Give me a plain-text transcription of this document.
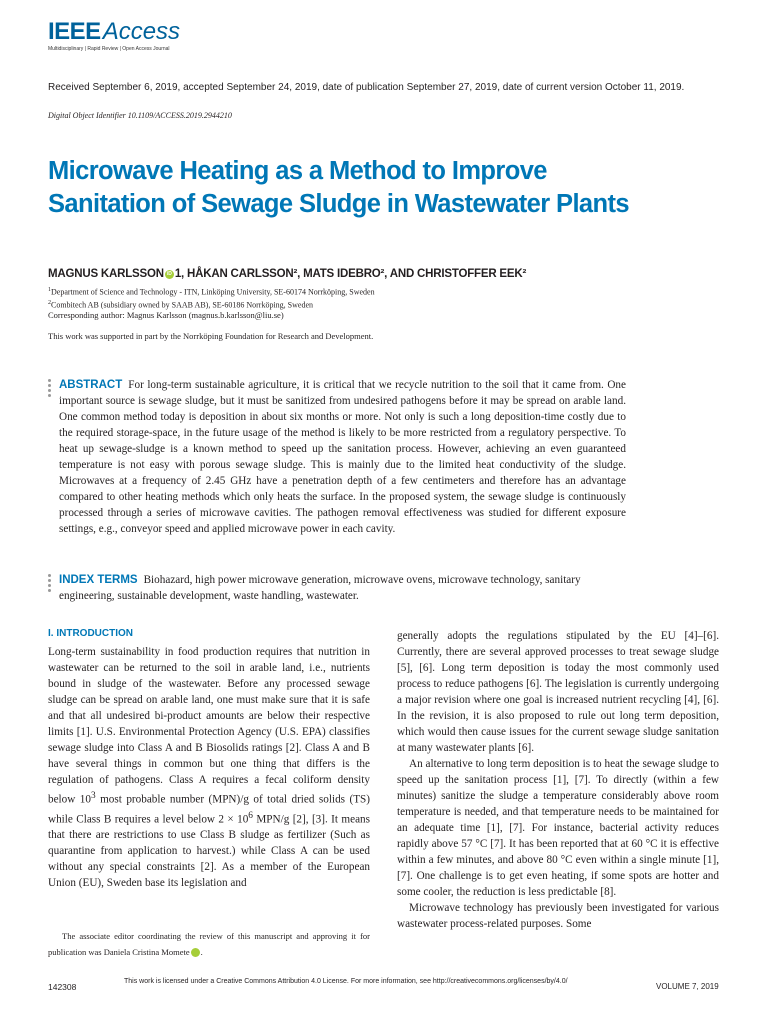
IEEEAccess
Multidisciplinary | Rapid Review | Open Access Journal
Received September 6, 2019, accepted September 24, 2019, date of publication September 27, 2019, date of current version October 11, 2019.
Digital Object Identifier 10.1109/ACCESS.2019.2944210
Microwave Heating as a Method to Improve Sanitation of Sewage Sludge in Wastewater Plants
MAGNUS KARLSSON iD 1, HÅKAN CARLSSON², MATS IDEBRO², AND CHRISTOFFER EEK²
$^1$Department of Science and Technology - ITN, Linköping University, SE-60174 Norrköping, Sweden
$^2$Combitech AB (subsidiary owned by SAAB AB), SE-60186 Norrköping, Sweden
Corresponding author: Magnus Karlsson (magnus.b.karlsson@liu.se)
This work was supported in part by the Norrköping Foundation for Research and Development.
ABSTRACT For long-term sustainable agriculture, it is critical that we recycle nutrition to the soil that it came from. One important source is sewage sludge, but it must be sanitized from undesired pathogens before it may be spread on arable land. One common method today is deposition in about six months or more. Not only is such a long deposition-time costly due to the required storage-space, in the future usage of the method is likely to be more restricted from a regulatory perspective. To heat up sewage-sludge is a known method to speed up the sanitation process. However, achieving an even guaranteed temperature is not easy with porous sewage sludge. This is mainly due to the limited heat conductivity of the sludge. Microwaves at a frequency of 2.45 GHz have a penetration depth of a few centimeters and therefore has an advantage compared to other heating methods which only heats the surface. In the proposed system, the sewage sludge is continuously processed through a series of microwave cavities. The pathogen removal effectiveness was studied for different exposure settings, e.g., conveyor speed and applied microwave power in each cavity.
INDEX TERMS Biohazard, high power microwave generation, microwave ovens, microwave technology, sanitary engineering, sustainable development, waste handling, wastewater.
I. INTRODUCTION

Long-term sustainability in food production requires that nutrition in wastewater can be returned to the soil in arable land, i.e., nutrients bound in sludge of the wastewater. Before any processed sewage sludge can be spread on arable land, one must make sure that it is safe and that all undesired bi-product amounts are below their respective limits [1]. U.S. Environmental Protection Agency (U.S. EPA) classifies sewage sludge into Class A and B Biosolids ratings [2]. Class A and B have several things in common but one thing that differs is the regulation of pathogens. Class A requires a fecal coliform density below $10^3$ most probable number (MPN)/g of total dried solids (TS) while Class B requires a level below $2 \times 10^6$ MPN/g [2], [3]. It means that there are restrictions to use Class B sludge as fertilizer (Such as quarantine from application to harvest.) while Class A can be used without any special constraints [2]. As a member of the European Union (EU), Sweden base its legislation and

generally adopts the regulations stipulated by the EU [4]–[6]. Currently, there are several approved processes to treat sewage sludge [5], [6]. Long term deposition is today the most commonly used process to reduce pathogens [6]. The legislation is currently undergoing a major revision where one goal is increased nutrient recycling [4], [6]. In the revision, it is also proposed to rule out long term deposition, which would then cause issues for the current sewage sludge sanitation at many wastewater plants [6].

An alternative to long term deposition is to heat the sewage sludge to speed up the sanitation process [1], [7]. To directly (within a few minutes) sanitize the sludge a temperature considerably above room temperature is needed, and that temperature needs to be maintained for an adequate time [1], [7]. For instance, bacterial activity reduces rapidly above 57 °C [7]. It has been reported that at 60 °C it is effective within a few minutes, and above 80 °C even within a single minute [1], [7]. One challenge is to get even heating, if some spots are hotter and some cooler, the reduction is less predictable [8].

Microwave technology has previously been investigated for various wastewater process-related purposes. Some

The associate editor coordinating the review of this manuscript and approving it for publication was Daniela Cristina Momete	iD.
142308
This work is licensed under a Creative Commons Attribution 4.0 License. For more information, see http://creativecommons.org/licenses/by/4.0/
VOLUME 7, 2019
